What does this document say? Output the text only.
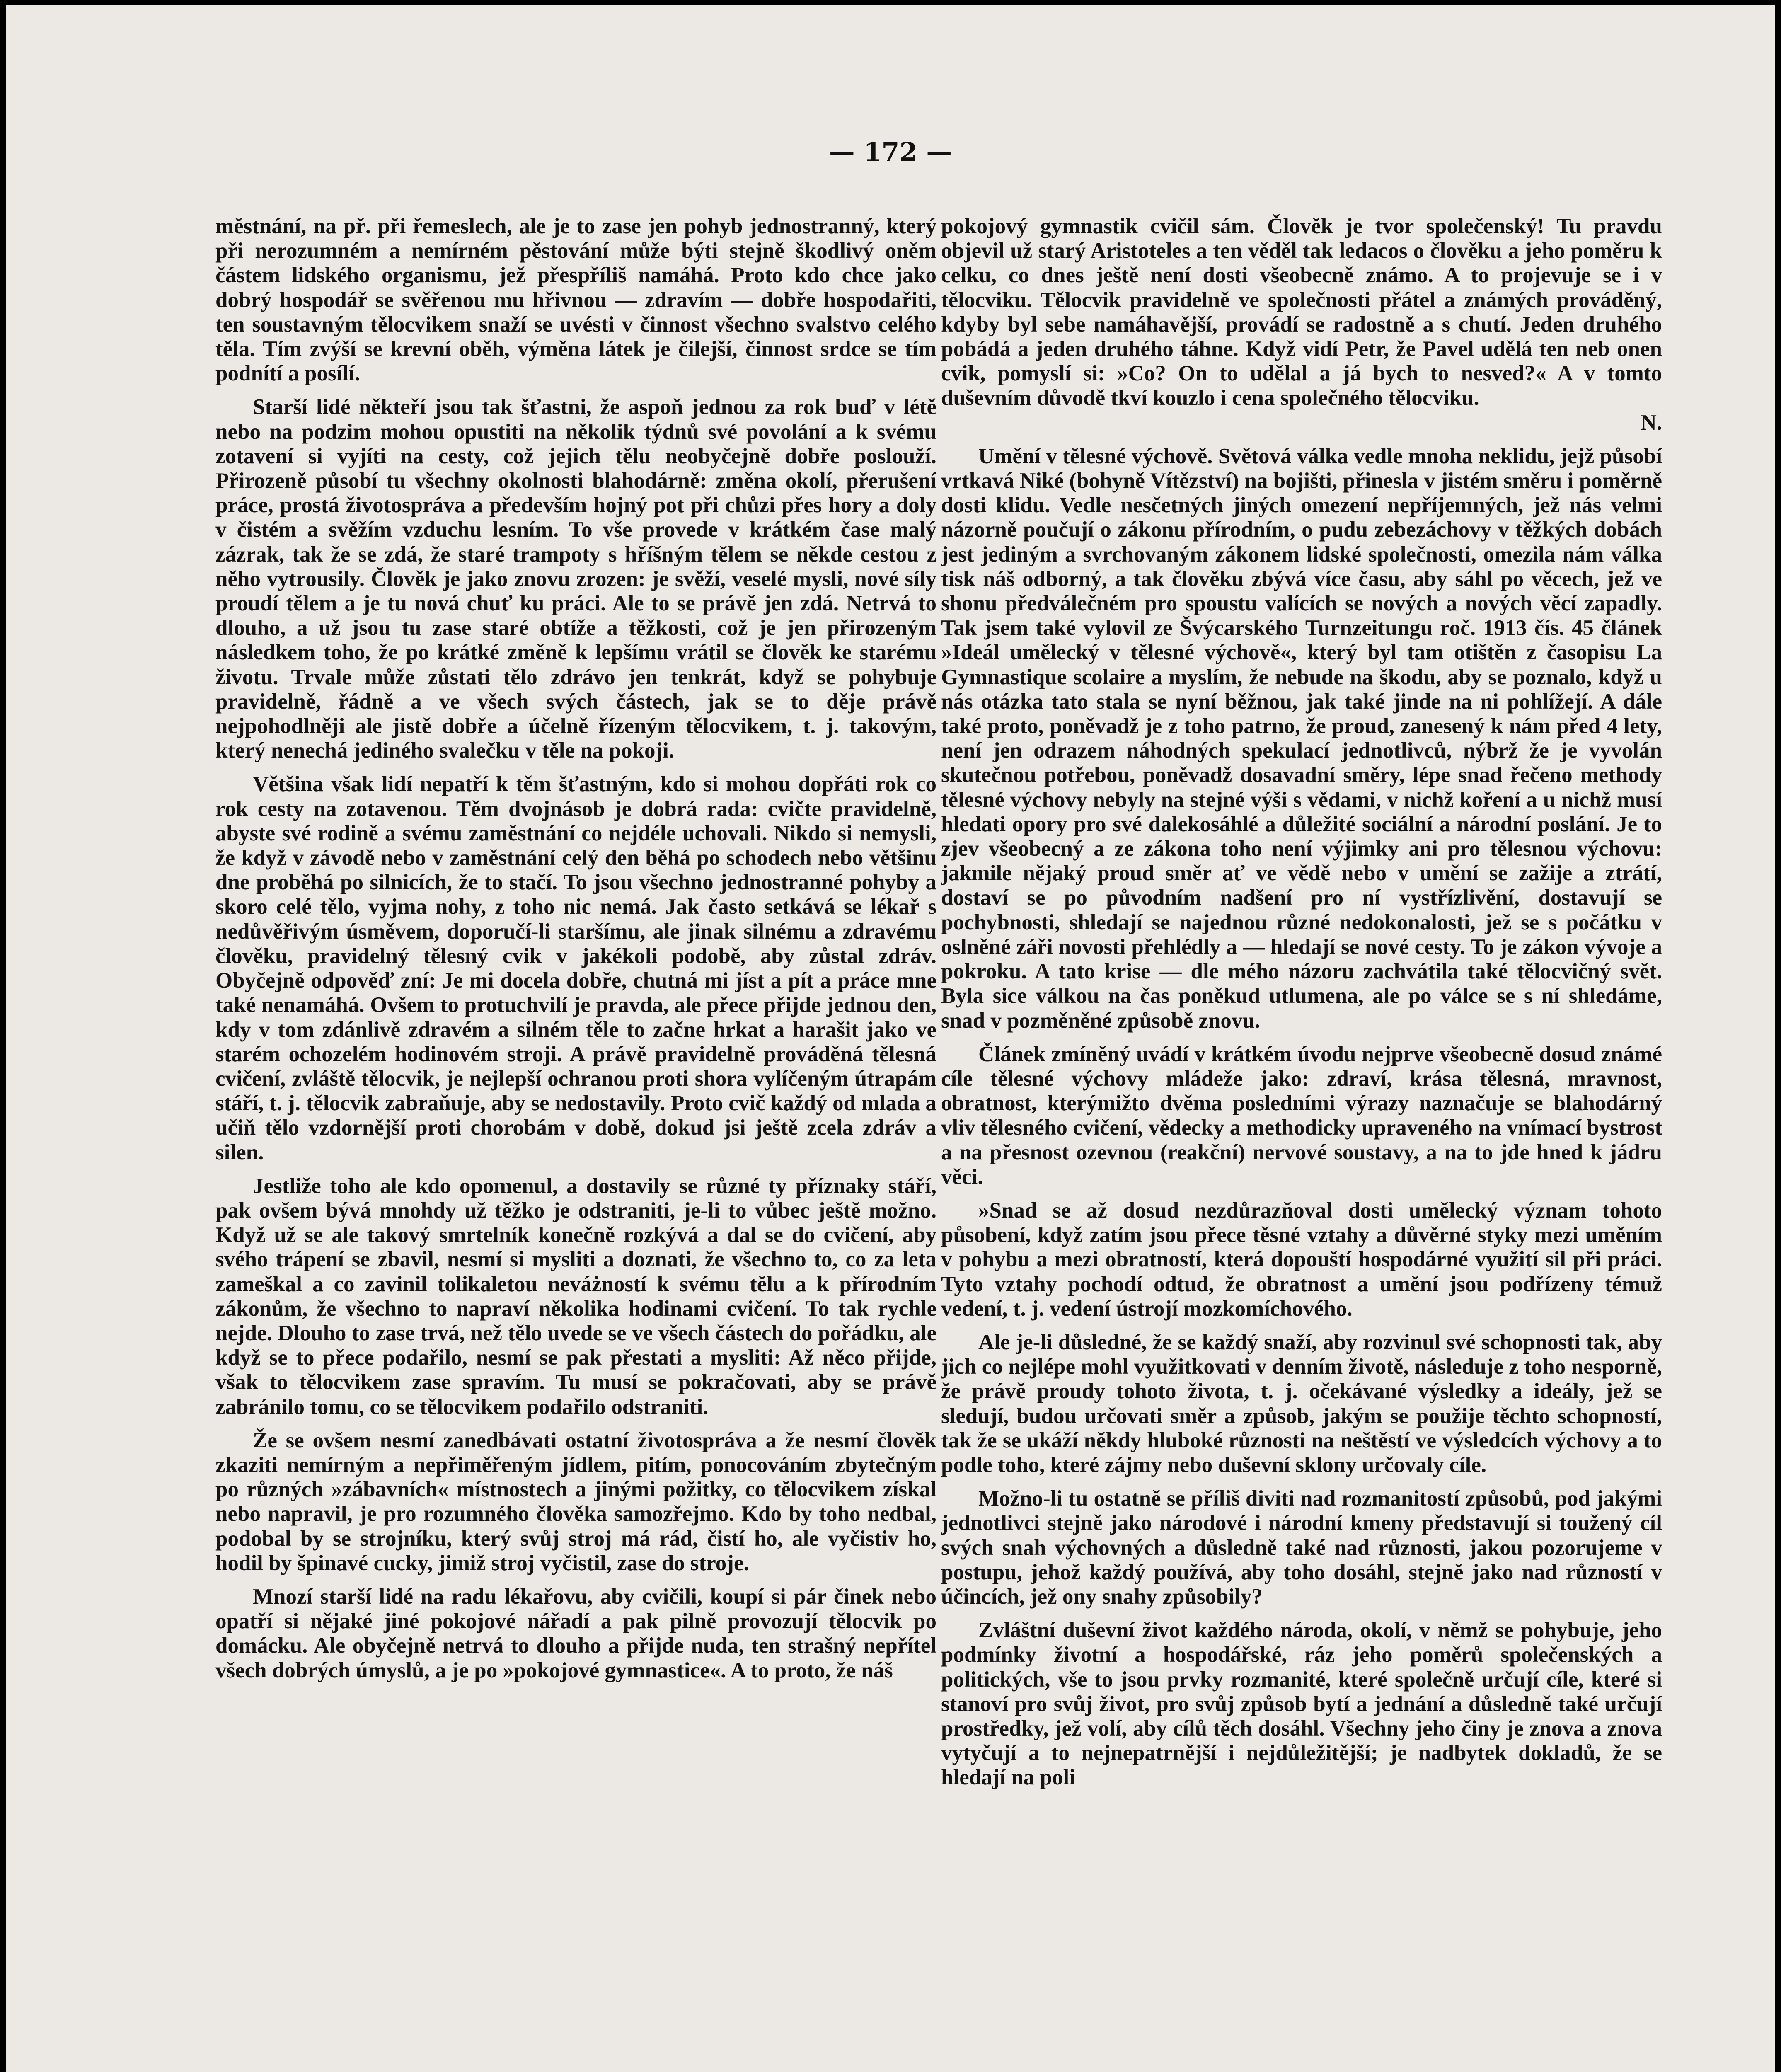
— 172 —

městnání, na př. při řemeslech, ale je to zase jen pohyb jednostranný, který při nerozumném a nemírném pěstování může býti stejně škodlivý oněm částem lidského organismu, jež přespříliš namáhá. Proto kdo chce jako dobrý hospodář se svěřenou mu hřivnou — zdravím — dobře hospodařiti, ten soustavným tělocvikem snaží se uvésti v činnost všechno svalstvo celého těla. Tím zvýší se krevní oběh, výměna látek je čilejší, činnost srdce se tím podnítí a posílí.

Starší lidé někteří jsou tak šťastni, že aspoň jednou za rok buď v létě nebo na podzim mohou opustiti na několik týdnů své povolání a k svému zotavení si vyjíti na cesty, což jejich tělu neobyčejně dobře poslouží. Přirozeně působí tu všechny okolnosti blahodárně: změna okolí, přerušení práce, prostá životospráva a především hojný pot při chůzi přes hory a doly v čistém a svěžím vzduchu lesním. To vše provede v krátkém čase malý zázrak, tak že se zdá, že staré trampoty s hříšným tělem se někde cestou z něho vytrousily. Člověk je jako znovu zrozen: je svěží, veselé mysli, nové síly proudí tělem a je tu nová chuť ku práci. Ale to se právě jen zdá. Netrvá to dlouho, a už jsou tu zase staré obtíže a těžkosti, což je jen přirozeným následkem toho, že po krátké změně k lepšímu vrátil se člověk ke starému životu. Trvale může zůstati tělo zdrávo jen tenkrát, když se pohybuje pravidelně, řádně a ve všech svých částech, jak se to děje právě nejpohodlněji ale jistě dobře a účelně řízeným tělocvikem, t. j. takovým, který nenechá jediného svalečku v těle na pokoji.

Většina však lidí nepatří k těm šťastným, kdo si mohou dopřáti rok co rok cesty na zotavenou. Těm dvojnásob je dobrá rada: cvičte pravidelně, abyste své rodině a svému zaměstnání co nejdéle uchovali. Nikdo si nemysli, že když v závodě nebo v zaměstnání celý den běhá po schodech nebo většinu dne proběhá po silnicích, že to stačí. To jsou všechno jednostranné pohyby a skoro celé tělo, vyjma nohy, z toho nic nemá. Jak často setkává se lékař s nedůvěřivým úsměvem, doporučí-li staršímu, ale jinak silnému a zdravému člověku, pravidelný tělesný cvik v jakékoli podobě, aby zůstal zdráv. Obyčejně odpověď zní: Je mi docela dobře, chutná mi jíst a pít a práce mne také nenamáhá. Ovšem to protuchvilí je pravda, ale přece přijde jednou den, kdy v tom zdánlivě zdravém a silném těle to začne hrkat a harašit jako ve starém ochozelém hodinovém stroji. A právě pravidelně prováděná tělesná cvičení, zvláště tělocvik, je nejlepší ochranou proti shora vylíčeným útrapám stáří, t. j. tělocvik zabraňuje, aby se nedostavily. Proto cvič každý od mlada a učiň tělo vzdornější proti chorobám v době, dokud jsi ještě zcela zdráv a silen.

Jestliže toho ale kdo opomenul, a dostavily se různé ty příznaky stáří, pak ovšem bývá mnohdy už těžko je odstraniti, je-li to vůbec ještě možno. Když už se ale takový smrtelník konečně rozkývá a dal se do cvičení, aby svého trápení se zbavil, nesmí si mysliti a doznati, že všechno to, co za leta zameškal a co zavinil tolikaletou neváżností k svému tělu a k přírodním zákonům, že všechno to napraví několika hodinami cvičení. To tak rychle nejde. Dlouho to zase trvá, než tělo uvede se ve všech částech do pořádku, ale když se to přece podařilo, nesmí se pak přestati a mysliti: Až něco přijde, však to tělocvikem zase spravím. Tu musí se pokračovati, aby se právě zabránilo tomu, co se tělocvikem podařilo odstraniti.

Že se ovšem nesmí zanedbávati ostatní životospráva a že nesmí člověk zkaziti nemírným a nepřiměřeným jídlem, pitím, ponocováním zbytečným po různých »zábavních« místnostech a jinými požitky, co tělocvikem získal nebo napravil, je pro rozumného člověka samozřejmo. Kdo by toho nedbal, podobal by se strojníku, který svůj stroj má rád, čistí ho, ale vyčistiv ho, hodil by špinavé cucky, jimiž stroj vyčistil, zase do stroje.

Mnozí starší lidé na radu lékařovu, aby cvičili, koupí si pár činek nebo opatří si nějaké jiné pokojové nářadí a pak pilně provozují tělocvik po domácku. Ale obyčejně netrvá to dlouho a přijde nuda, ten strašný nepřítel všech dobrých úmyslů, a je po »pokojové gymnastice«. A to proto, že náš

pokojový gymnastik cvičil sám. Člověk je tvor společenský! Tu pravdu objevil už starý Aristoteles a ten věděl tak ledacos o člověku a jeho poměru k celku, co dnes ještě není dosti všeobecně známo. A to projevuje se i v tělocviku. Tělocvik pravidelně ve společnosti přátel a známých prováděný, kdyby byl sebe namáhavější, provádí se radostně a s chutí. Jeden druhého pobádá a jeden druhého táhne. Když vidí Petr, že Pavel udělá ten neb onen cvik, pomyslí si: »Co? On to udělal a já bych to nesved?« A v tomto duševním důvodě tkví kouzlo i cena společného tělocviku.

N.

Umění v tělesné výchově. Světová válka vedle mnoha neklidu, jejž působí vrtkavá Niké (bohyně Vítězství) na bojišti, přinesla v jistém směru i poměrně dosti klidu. Vedle nesčetných jiných omezení nepříjemných, jež nás velmi názorně poučují o zákonu přírodním, o pudu zebezáchovy v těžkých dobách jest jediným a svrchovaným zákonem lidské společnosti, omezila nám válka tisk náš odborný, a tak člověku zbývá více času, aby sáhl po věcech, jež ve shonu předválečném pro spoustu valících se nových a nových věcí zapadly. Tak jsem také vylovil ze Švýcarského Turnzeitungu roč. 1913 čís. 45 článek »Ideál umělecký v tělesné výchově«, který byl tam otištěn z časopisu La Gymnastique scolaire a myslím, že nebude na škodu, aby se poznalo, když u nás otázka tato stala se nyní běžnou, jak také jinde na ni pohlížejí. A dále také proto, poněvadž je z toho patrno, že proud, zanesený k nám před 4 lety, není jen odrazem náhodných spekulací jednotlivců, nýbrž že je vyvolán skutečnou potřebou, poněvadž dosavadní směry, lépe snad řečeno methody tělesné výchovy nebyly na stejné výši s vědami, v nichž koření a u nichž musí hledati opory pro své dalekosáhlé a důležité sociální a národní poslání. Je to zjev všeobecný a ze zákona toho není výjimky ani pro tělesnou výchovu: jakmile nějaký proud směr ať ve vědě nebo v umění se zažije a ztrátí, dostaví se po původním nadšení pro ní vystřízlivění, dostavují se pochybnosti, shledají se najednou různé nedokonalosti, jež se s počátku v oslněné záři novosti přehlédly a — hledají se nové cesty. To je zákon vývoje a pokroku. A tato krise — dle mého názoru zachvátila také tělocvičný svět. Byla sice válkou na čas poněkud utlumena, ale po válce se s ní shledáme, snad v pozměněné způsobě znovu.

Článek zmíněný uvádí v krátkém úvodu nejprve všeobecně dosud známé cíle tělesné výchovy mládeže jako: zdraví, krása tělesná, mravnost, obratnost, kterýmižto dvěma posledními výrazy naznačuje se blahodárný vliv tělesného cvičení, vědecky a methodicky upraveného na vnímací bystrost a na přesnost ozevnou (reakční) nervové soustavy, a na to jde hned k jádru věci.

»Snad se až dosud nezdůrazňoval dosti umělecký význam tohoto působení, když zatím jsou přece těsné vztahy a důvěrné styky mezi uměním v pohybu a mezi obratností, která dopouští hospodárné využití sil při práci. Tyto vztahy pochodí odtud, že obratnost a umění jsou podřízeny témuž vedení, t. j. vedení ústrojí mozkomíchového.

Ale je-li důsledné, že se každý snaží, aby rozvinul své schopnosti tak, aby jich co nejlépe mohl využitkovati v denním životě, následuje z toho nesporně, že právě proudy tohoto života, t. j. očekávané výsledky a ideály, jež se sledují, budou určovati směr a způsob, jakým se použije těchto schopností, tak že se ukáží někdy hluboké různosti na neštěstí ve výsledcích výchovy a to podle toho, které zájmy nebo duševní sklony určovaly cíle.

Možno-li tu ostatně se příliš diviti nad rozmanitostí způsobů, pod jakými jednotlivci stejně jako národové i národní kmeny představují si toužený cíl svých snah výchovných a důsledně také nad různosti, jakou pozorujeme v postupu, jehož každý používá, aby toho dosáhl, stejně jako nad růzností v účincích, jež ony snahy způsobily?

Zvláštní duševní život každého národa, okolí, v němž se pohybuje, jeho podmínky životní a hospodářské, ráz jeho poměrů společenských a politických, vše to jsou prvky rozmanité, které společně určují cíle, které si stanoví pro svůj život, pro svůj způsob bytí a jednání a důsledně také určují prostředky, jež volí, aby cílů těch dosáhl. Všechny jeho činy je znova a znova vytyčují a to nejnepatrnější i nejdůležitější; je nadbytek dokladů, že se hledají na poli
